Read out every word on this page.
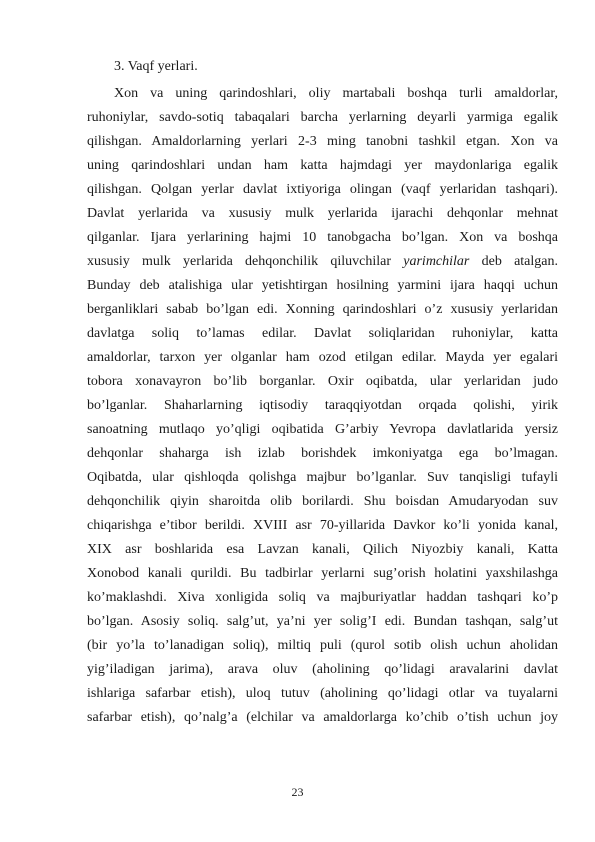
3. Vaqf yerlari.
Xon va uning qarindoshlari, oliy martabali boshqa turli amaldorlar,
ruhoniylar, savdo-sotiq tabaqalari barcha yerlarning deyarli yarmiga egalik
qilishgan. Amaldorlarning yerlari 2-3 ming tanobni tashkil etgan. Xon va
uning qarindoshlari undan ham katta hajmdagi yer maydonlariga egalik
qilishgan. Qolgan yerlar davlat ixtiyoriga olingan (vaqf yerlaridan tashqari).
Davlat yerlarida va xususiy mulk yerlarida ijarachi dehqonlar mehnat
qilganlar. Ijara yerlarining hajmi 10 tanobgacha bo’lgan. Xon va boshqa
xususiy mulk yerlarida dehqonchilik qiluvchilar yarimchilar deb atalgan.
Bunday deb atalishiga ular yetishtirgan hosilning yarmini ijara haqqi uchun
berganliklari sabab bo’lgan edi. Xonning qarindoshlari o’z xususiy yerlaridan
davlatga soliq to’lamas edilar. Davlat soliqlaridan ruhoniylar, katta
amaldorlar, tarxon yer olganlar ham ozod etilgan edilar. Mayda yer egalari
tobora xonavayron bo’lib borganlar. Oxir oqibatda, ular yerlaridan judo
bo’lganlar. Shaharlarning iqtisodiy taraqqiyotdan orqada qolishi, yirik
sanoatning mutlaqo yo’qligi oqibatida G’arbiy Yevropa davlatlarida yersiz
dehqonlar shaharga ish izlab borishdek imkoniyatga ega bo’lmagan.
Oqibatda, ular qishloqda qolishga majbur bo’lganlar. Suv tanqisligi tufayli
dehqonchilik qiyin sharoitda olib borilardi. Shu boisdan Amudaryodan suv
chiqarishga e’tibor berildi. XVIII asr 70-yillarida Davkor ko’li yonida kanal,
XIX asr boshlarida esa Lavzan kanali, Qilich Niyozbiy kanali, Katta
Xonobod kanali qurildi. Bu tadbirlar yerlarni sug’orish holatini yaxshilashga
ko’maklashdi. Xiva xonligida soliq va majburiyatlar haddan tashqari ko’p
bo’lgan. Asosiy soliq. salg’ut, ya’ni yer solig’I edi. Bundan tashqan, salg’ut
(bir yo’la to’lanadigan soliq), miltiq puli (qurol sotib olish uchun aholidan
yig’iladigan jarima), arava oluv (aholining qo’lidagi aravalarini davlat
ishlariga safarbar etish), uloq tutuv (aholining qo’lidagi otlar va tuyalarni
safarbar etish), qo’nalg’a (elchilar va amaldorlarga ko’chib o’tish uchun joy
23
